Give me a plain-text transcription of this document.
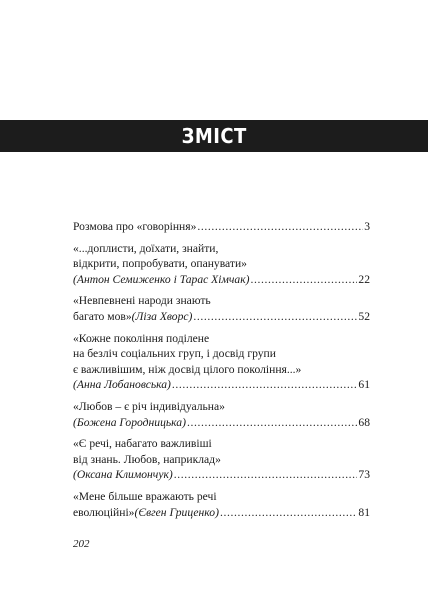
ЗМІСТ
Розмова про «говоріння» .....	3
«...доплисти, доїхати, знайти,
відкрити, попробувати, опанувати»
(Антон Семиженко і Тарас Хімчак) .....	22
«Невпевнені народи знають
багато мов» (Ліза Хворс) .....	52
«Кожне покоління поділене
на безліч соціальних груп, і досвід групи
є важливішим, ніж досвід цілого покоління...»
(Анна Лобановська) .....	61
«Любов – є річ індивідуальна»
(Божена Городницька) .....	68
«Є речі, набагато важливіші
від знань. Любов, наприклад»
(Оксана Климончук) .....	73
«Мене більше вражають речі
еволюційні» (Євген Гриценко) .....	81
202
